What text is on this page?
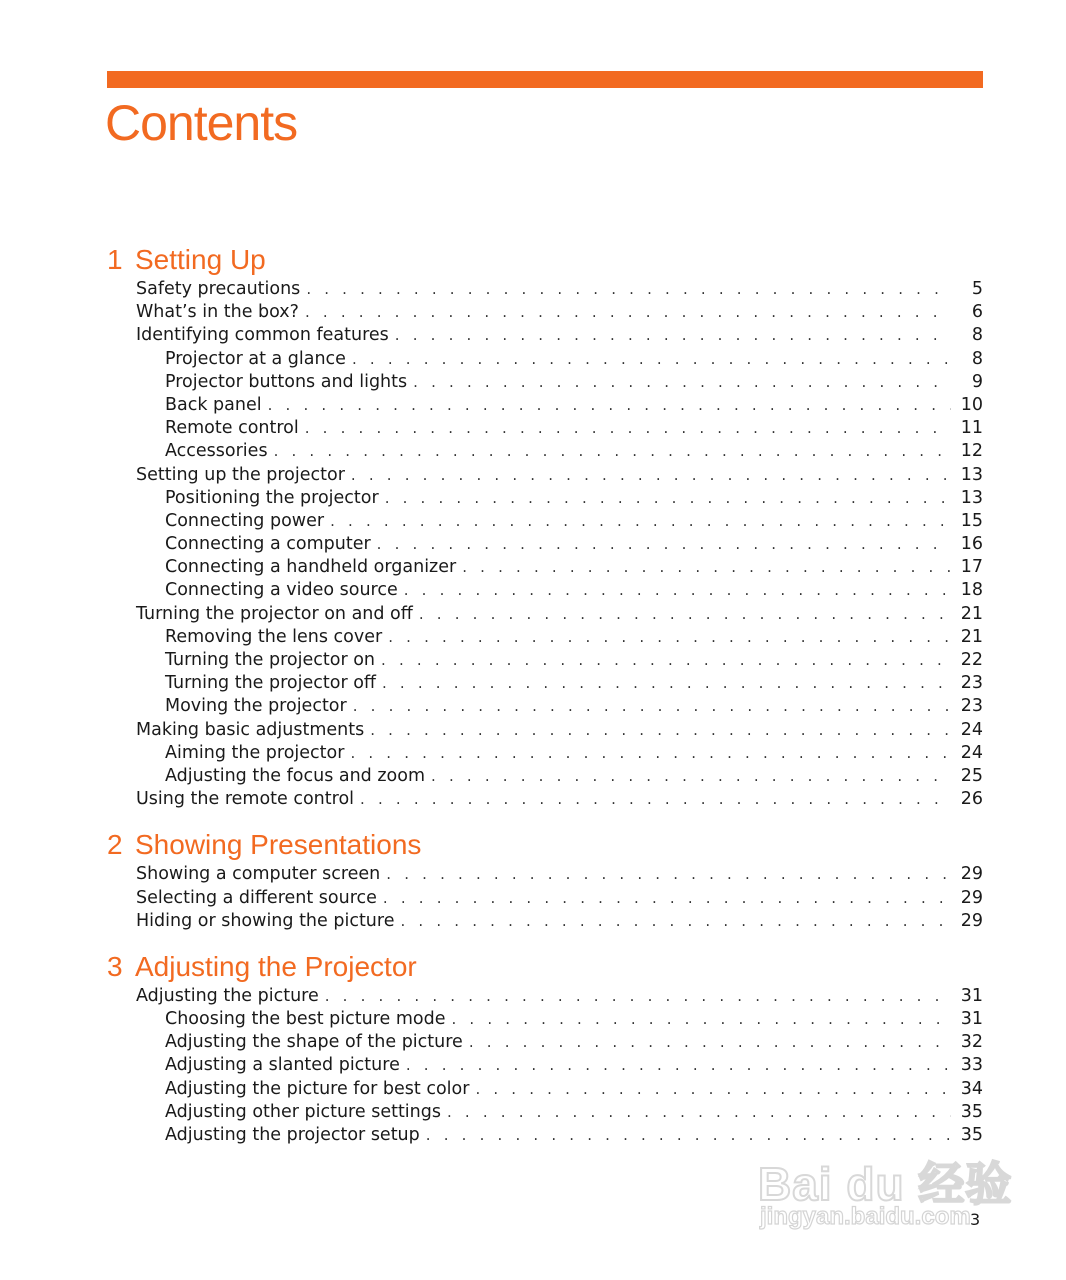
Contents
1 Setting Up
Safety precautions . . .	5
What’s in the box? . . .	6
Identifying common features . . .	8
Projector at a glance . . .	8
Projector buttons and lights . . .	9
Back panel . . .	10
Remote control . . .	11
Accessories . . .	12
Setting up the projector . . .	13
Positioning the projector . . .	13
Connecting power . . .	15
Connecting a computer . . .	16
Connecting a handheld organizer . . .	17
Connecting a video source . . .	18
Turning the projector on and off . . .	21
Removing the lens cover . . .	21
Turning the projector on . . .	22
Turning the projector off . . .	23
Moving the projector . . .	23
Making basic adjustments . . .	24
Aiming the projector . . .	24
Adjusting the focus and zoom . . .	25
Using the remote control . . .	26
2 Showing Presentations
Showing a computer screen . . .	29
Selecting a different source . . .	29
Hiding or showing the picture . . .	29
3 Adjusting the Projector
Adjusting the picture . . .	31
Choosing the best picture mode . . .	31
Adjusting the shape of the picture . . .	32
Adjusting a slanted picture . . .	33
Adjusting the picture for best color . . .	34
Adjusting other picture settings . . .	35
Adjusting the projector setup . . .	35
Bai du 经验
jingyan.baidu.com 3
